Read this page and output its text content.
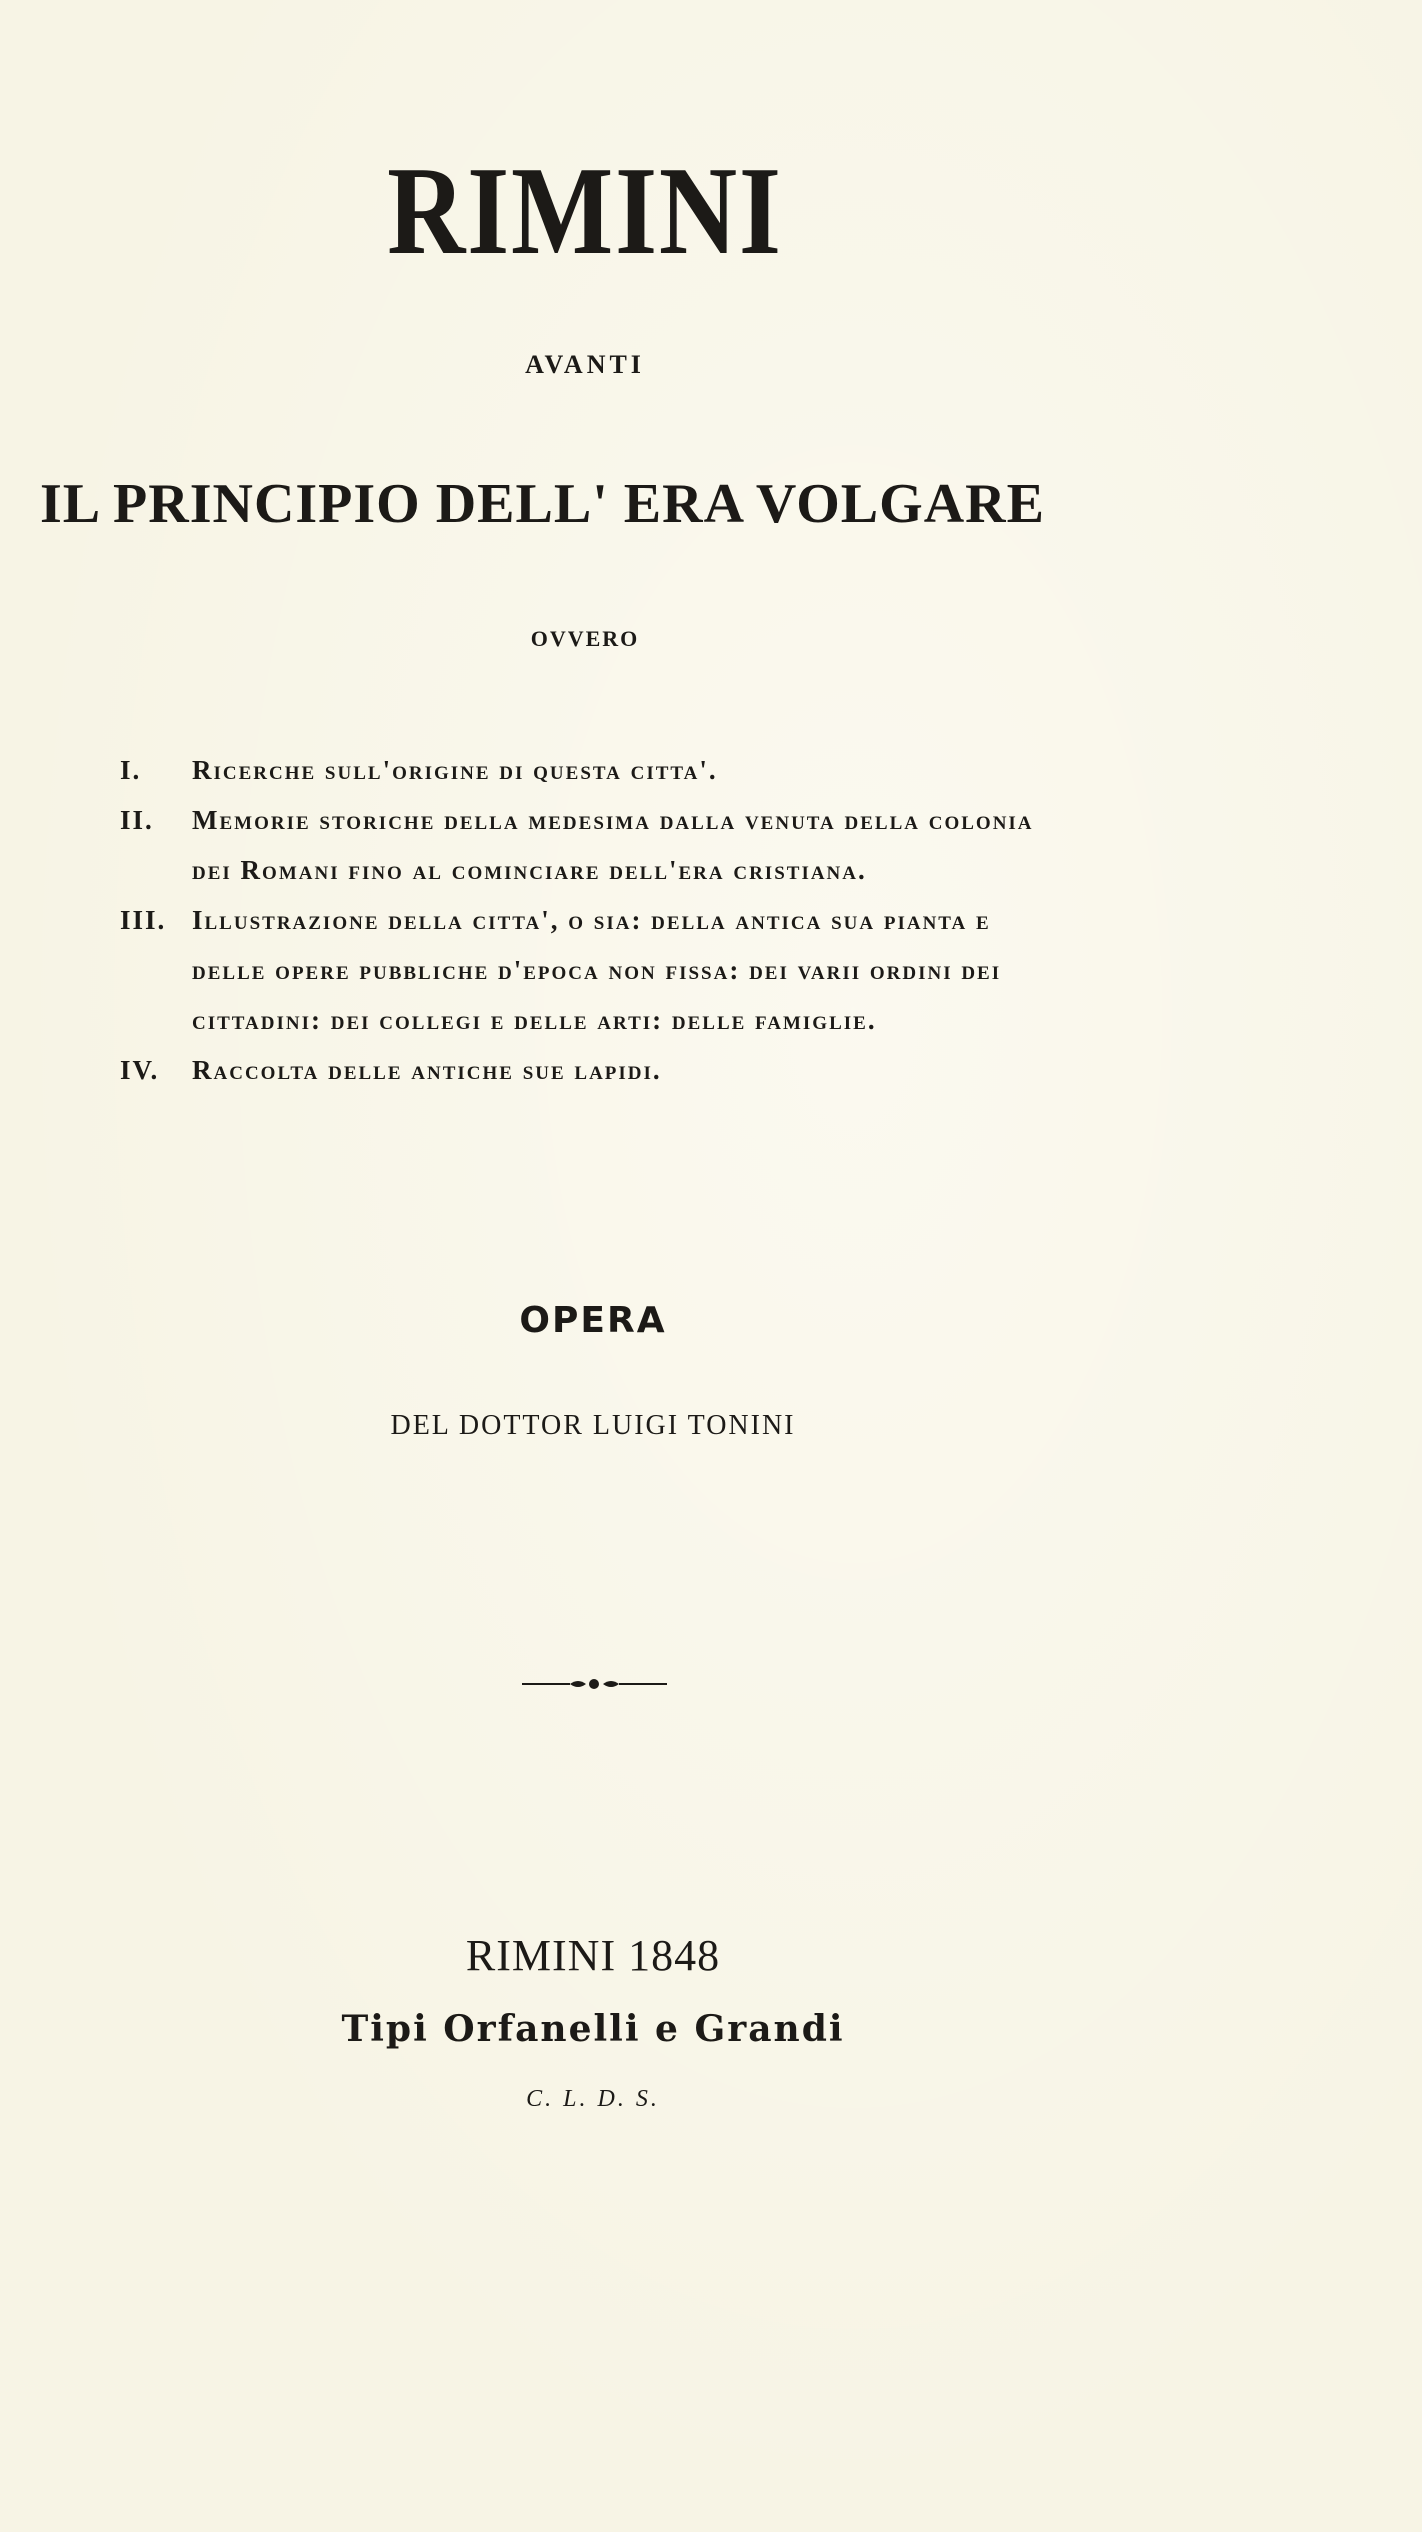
RIMINI
AVANTI
IL PRINCIPIO DELL' ERA VOLGARE
OVVERO
I. Ricerche sull'origine di questa citta'.
II. Memorie storiche della medesima dalla venuta della colonia dei Romani fino al cominciare dell'era cristiana.
III. Illustrazione della citta', o sia: della antica sua pianta e delle opere pubbliche d'epoca non fissa: dei varii ordini dei cittadini: dei collegi e delle arti: delle famiglie.
IV. Raccolta delle antiche sue lapidi.
OPERA
DEL DOTTOR LUIGI TONINI
RIMINI 1848
Tipi Orfanelli e Grandi
C. L. D. S.
